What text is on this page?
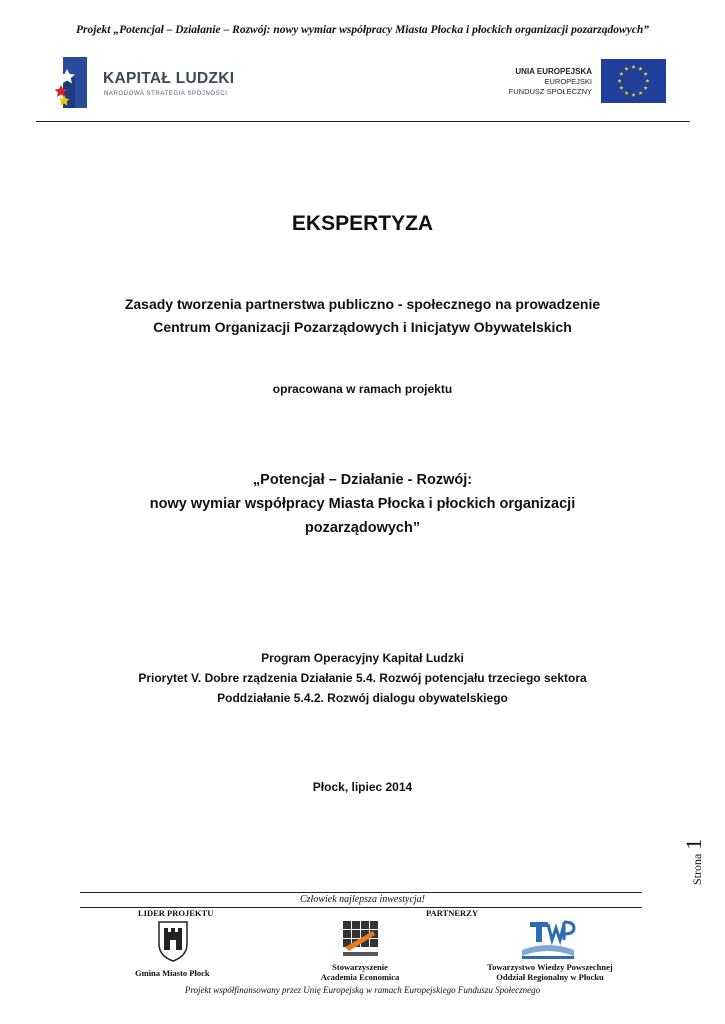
Projekt „Potencjał – Działanie – Rozwój: nowy wymiar współpracy Miasta Płocka i płockich organizacji pozarządowych”
KAPITAŁ LUDZKI
NARODOWA STRATEGIA SPÓJNOŚCI
UNIA EUROPEJSKA
EUROPEJSKI
FUNDUSZ SPOŁECZNY
EKSPERTYZA
Zasady tworzenia partnerstwa publiczno - społecznego na prowadzenie
Centrum Organizacji Pozarządowych i Inicjatyw Obywatelskich
opracowana w ramach projektu
„Potencjał – Działanie - Rozwój:
nowy wymiar współpracy Miasta Płocka i płockich organizacji
pozarządowych”
Program Operacyjny Kapitał Ludzki
Priorytet V. Dobre rządzenia Działanie 5.4. Rozwój potencjału trzeciego sektora
Poddziałanie 5.4.2. Rozwój dialogu obywatelskiego
Płock, lipiec 2014
Strona 1
Człowiek najlepsza inwestycja!
LIDER PROJEKTU	PARTNERZY
Gmina Miasto Płock
Stowarzyszenie
Academia Economica
Towarzystwo Wiedzy Powszechnej
Oddział Regionalny w Płocku
Projekt współfinansowany przez Unię Europejską w ramach Europejskiego Funduszu Społecznego
